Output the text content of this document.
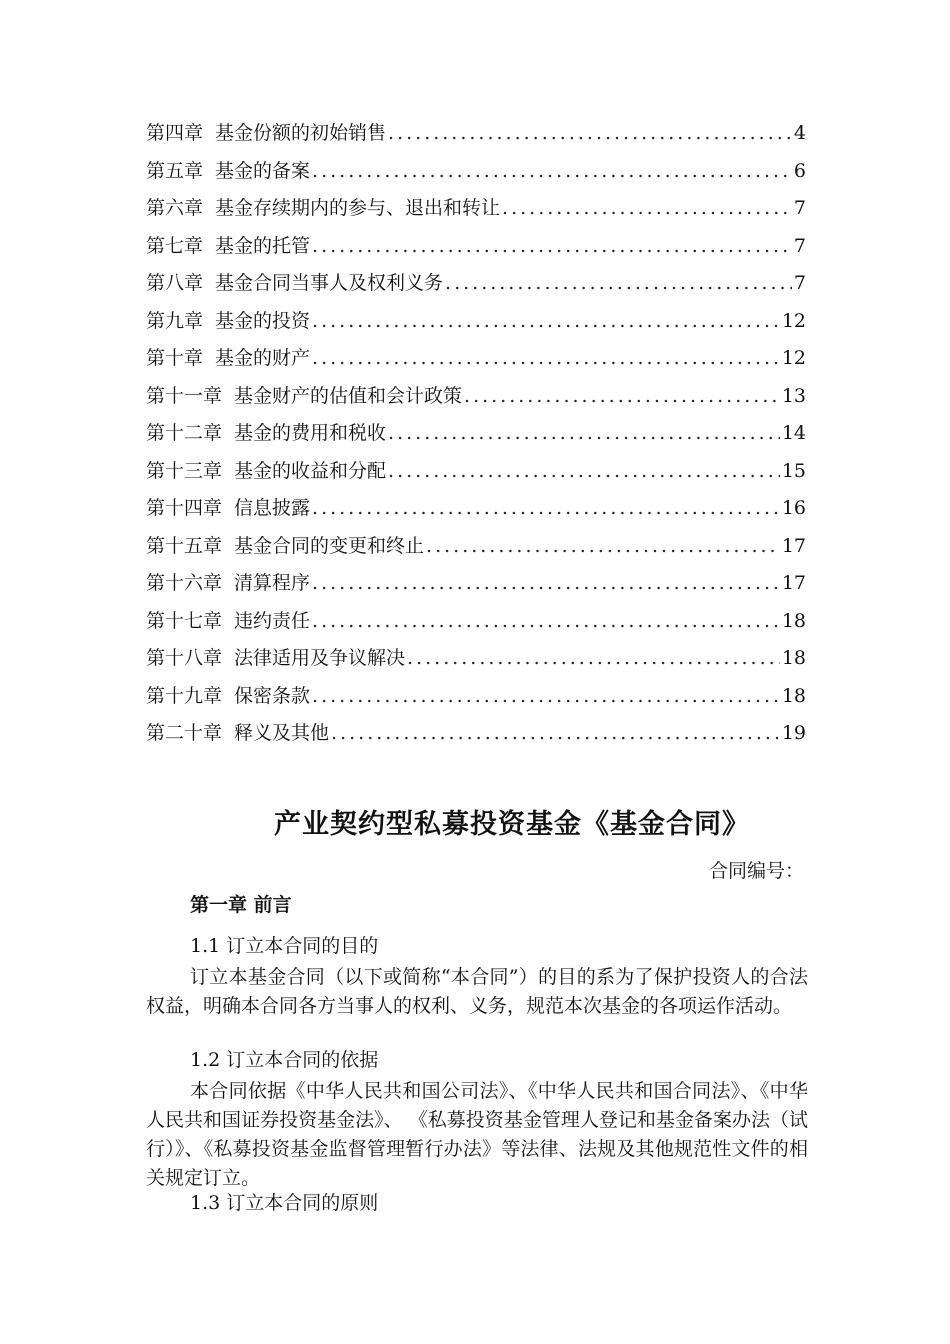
第四章 基金份额的初始销售 .....	4
第五章 基金的备案 .....	6
第六章 基金存续期内的参与、退出和转让 .....	7
第七章 基金的托管 .....	7
第八章 基金合同当事人及权利义务 .....	7
第九章 基金的投资 .....	12
第十章 基金的财产 .....	12
第十一章 基金财产的估值和会计政策 .....	13
第十二章 基金的费用和税收 .....	14
第十三章 基金的收益和分配 .....	15
第十四章 信息披露 .....	16
第十五章 基金合同的变更和终止 .....	17
第十六章 清算程序 .....	17
第十七章 违约责任 .....	18
第十八章 法律适用及争议解决 .....	18
第十九章 保密条款 .....	18
第二十章 释义及其他 .....	19
产业契约型私募投资基金《基金合同》
合同编号：
第一章 前言
1.1 订立本合同的目的
订立本基金合同（以下或简称“本合同”）的目的系为了保护投资人的合法权益，明确本合同各方当事人的权利、义务，规范本次基金的各项运作活动。
1.2 订立本合同的依据
本合同依据《中华人民共和国公司法》、《中华人民共和国合同法》、《中华人民共和国证券投资基金法》、 《私募投资基金管理人登记和基金备案办法（试行）》、《私募投资基金监督管理暂行办法》等法律、法规及其他规范性文件的相关规定订立。
1.3 订立本合同的原则
